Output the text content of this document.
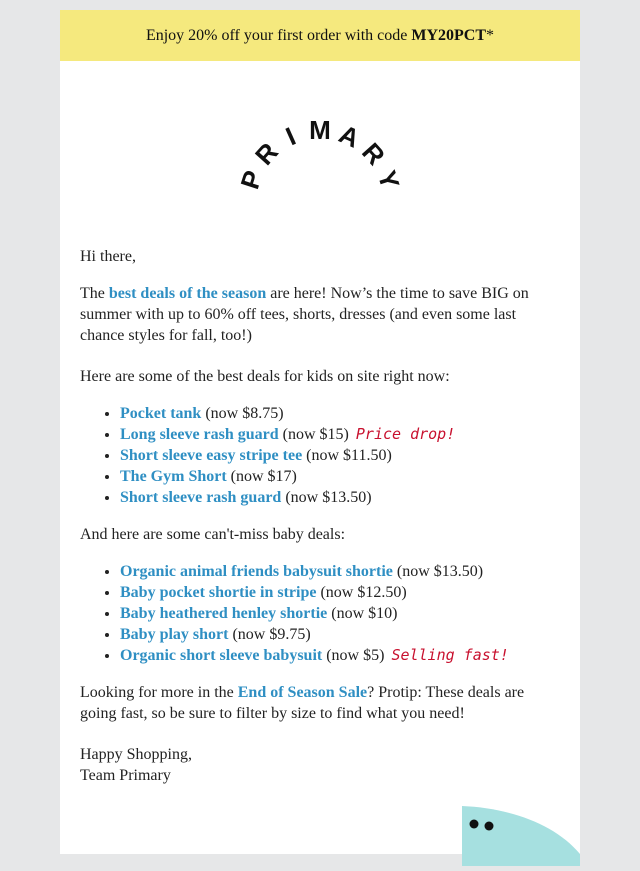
Enjoy 20% off your first order with code MY20PCT *
P
R
I M A
R
Y

Hi there,

The best deals of the season are here! Now’s the time to save BIG on summer with up to 60% off tees, shorts, dresses (and even some last chance styles for fall, too!)

Here are some of the best deals for kids on site right now:

• Pocket tank (now $8.75)
• Long sleeve rash guard (now $15) Price drop!
• Short sleeve easy stripe tee (now $11.50)
• The Gym Short (now $17)
• Short sleeve rash guard (now $13.50)

And here are some can't-miss baby deals:

• Organic animal friends babysuit shortie (now $13.50)
• Baby pocket shortie in stripe (now $12.50)
• Baby heathered henley shortie (now $10)
• Baby play short (now $9.75)
• Organic short sleeve babysuit (now $5) Selling fast!

Looking for more in the End of Season Sale? Protip: These deals are going fast, so be sure to filter by size to find what you need!

Happy Shopping,
Team Primary
